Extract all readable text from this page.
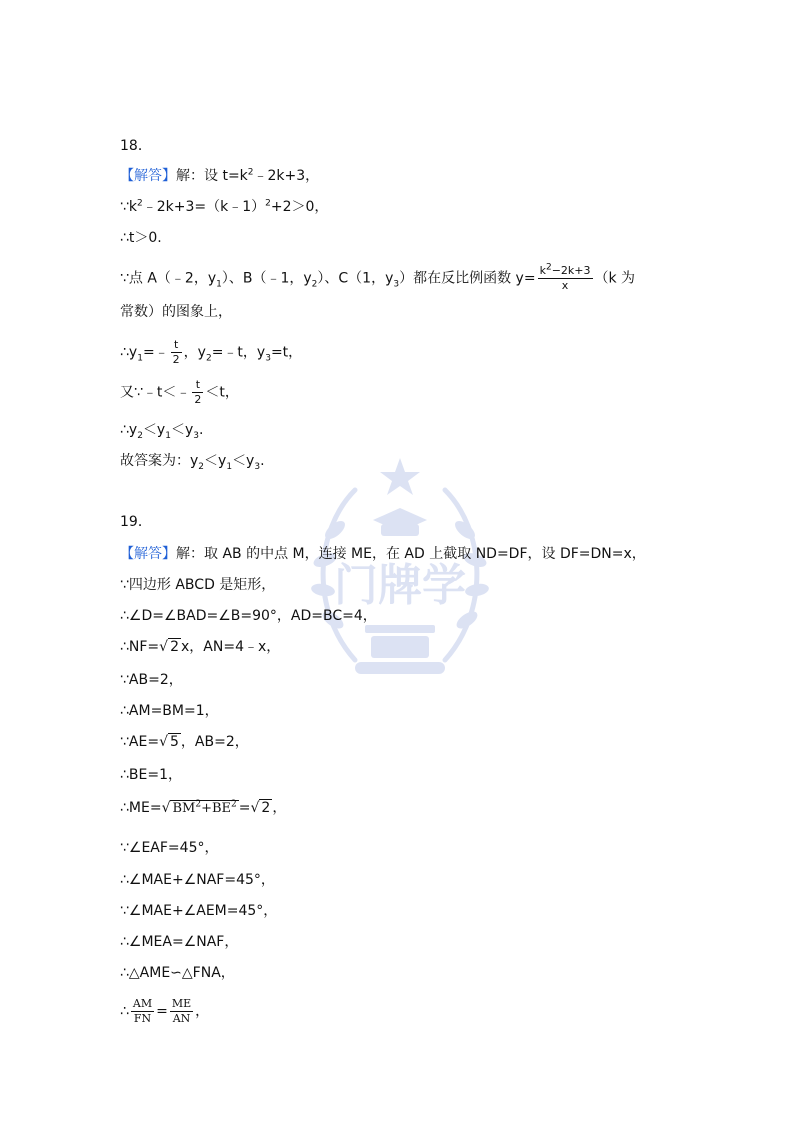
门牌学
18．
【解答】解：设 $t=k^2﹣2k+3$，
$\because k^2﹣2k+3=(k﹣1)^2+2>0$，
∴t＞0.
∵点 A（﹣2，$y_1$）、B（﹣1，$y_2$）、C（1，$y_3$）都在反比例函数 $y= \frac{k^2-2k+3}{x} (k$ 为
常数）的图象上，
$\therefore y_1=﹣ \frac{t}{2}$ ，$y_2=﹣t$，$y_3=t$，
又∵﹣t＜﹣ $\frac{t}{2} <t$，
$\therefore y_2<y_1<y_3$.
故答案为：$y_2<y_1<y_3$.
19．
【解答】解：取 AB 的中点 M，连接 ME，在 AD 上截取 ND=DF，设 DF=DN=x，
∵四边形 ABCD 是矩形，
∴∠D=∠BAD=∠B=90°，AD=BC=4，
∴NF=√ 2 x，AN=4﹣x，
∵AB=2，
∴AM=BM=1，
∵AE=√ 5 ，AB=2，
∴BE=1，
∴ME=√ $BM^2+BE^2$ =√ 2 ，
∵∠EAF=45°，
∴∠MAE+∠NAF=45°，
∵∠MAE+∠AEM=45°，
∴∠MEA=∠NAF，
∴△AME∽△FNA，
∴ $\frac{AM}{FN} = \frac{ME}{AN}$ ，
